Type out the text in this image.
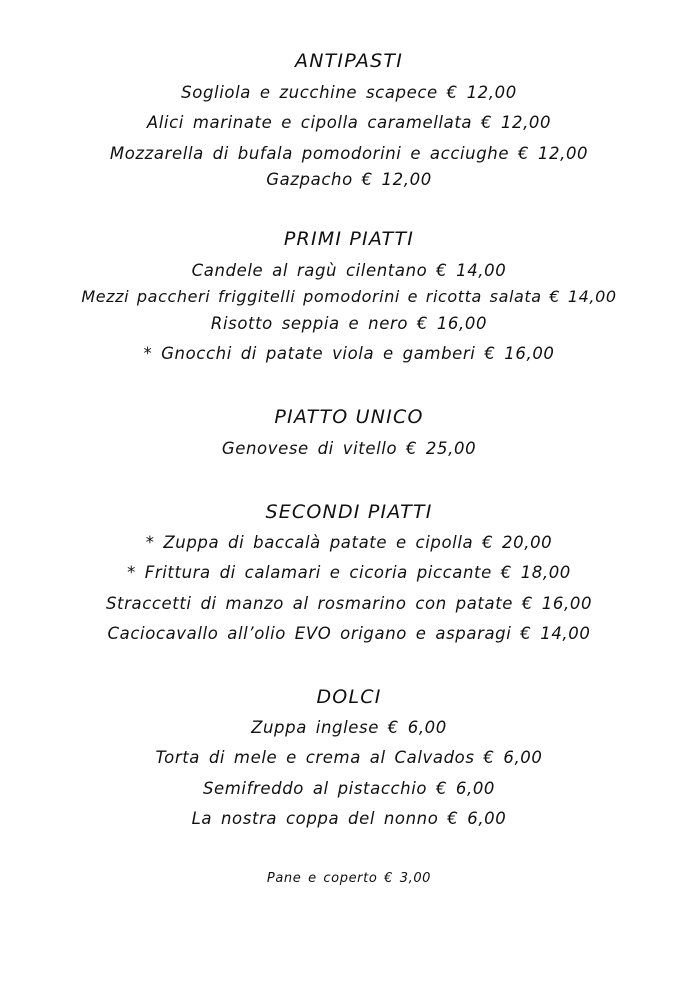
ANTIPASTI
Sogliola e zucchine scapece € 12,00
Alici marinate e cipolla caramellata € 12,00
Mozzarella di bufala pomodorini e acciughe € 12,00
Gazpacho € 12,00
PRIMI PIATTI
Candele al ragù cilentano € 14,00
Mezzi paccheri friggitelli pomodorini e ricotta salata € 14,00
Risotto seppia e nero € 16,00
* Gnocchi di patate viola e gamberi € 16,00
PIATTO UNICO
Genovese di vitello € 25,00
SECONDI PIATTI
* Zuppa di baccalà patate e cipolla € 20,00
* Frittura di calamari e cicoria piccante € 18,00
Straccetti di manzo al rosmarino con patate € 16,00
Caciocavallo all’olio EVO origano e asparagi € 14,00
DOLCI
Zuppa inglese € 6,00
Torta di mele e crema al Calvados € 6,00
Semifreddo al pistacchio € 6,00
La nostra coppa del nonno € 6,00
Pane e coperto € 3,00
